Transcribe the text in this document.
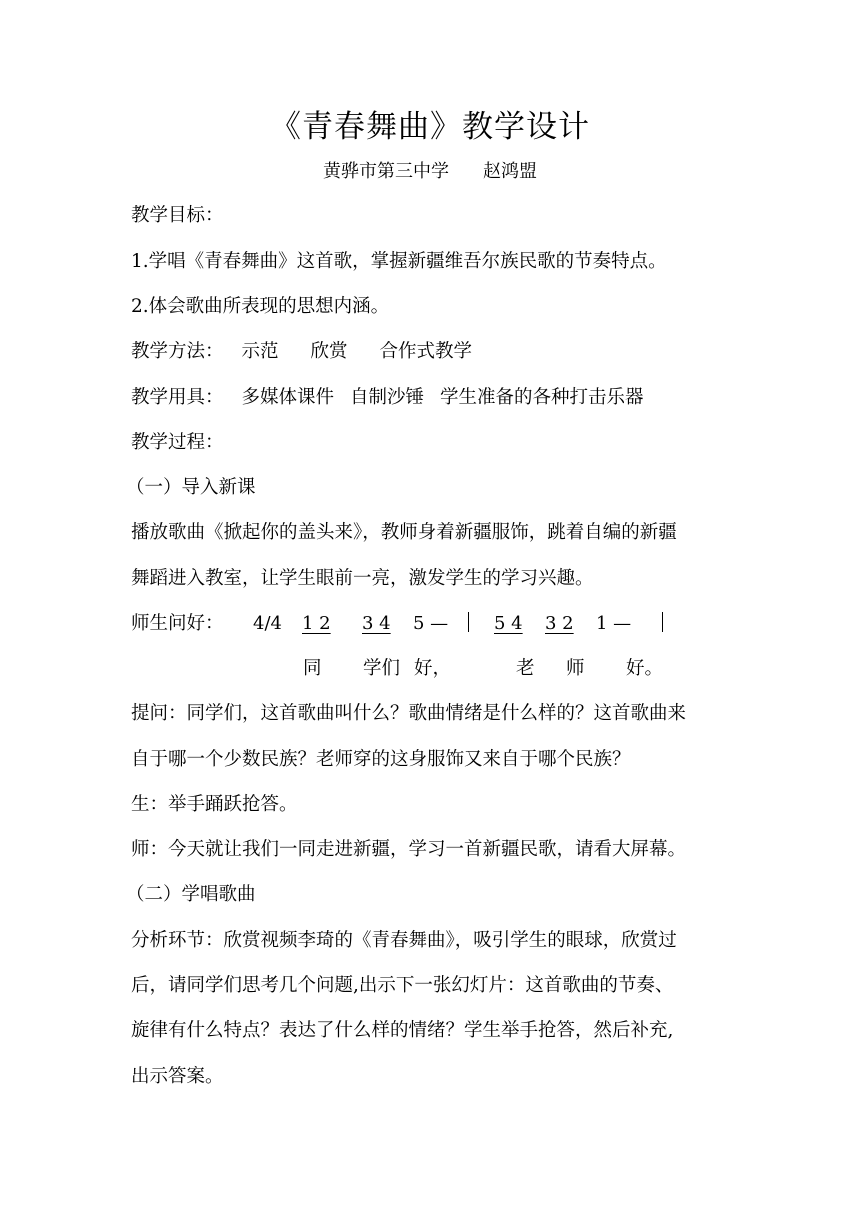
《青春舞曲》教学设计
黄骅市第三中学 赵鸿盟
教学目标：
1.学唱《青春舞曲》这首歌，掌握新疆维吾尔族民歌的节奏特点。
2.体会歌曲所表现的思想内涵。
教学方法： 示范 欣赏 合作式教学
教学用具： 多媒体课件 自制沙锤 学生准备的各种打击乐器
教学过程：
（一）导入新课
播放歌曲《掀起你的盖头来》，教师身着新疆服饰，跳着自编的新疆
舞蹈进入教室，让学生眼前一亮，激发学生的学习兴趣。
师生问好： 4/4 1 2 3 4 5 —	5 4 3 2 1 —
同 学们 好，	老 师 好。
提问：同学们，这首歌曲叫什么？歌曲情绪是什么样的？这首歌曲来
自于哪一个少数民族？老师穿的这身服饰又来自于哪个民族？
生：举手踊跃抢答。
师：今天就让我们一同走进新疆，学习一首新疆民歌，请看大屏幕。
（二）学唱歌曲
分析环节：欣赏视频李琦的《青春舞曲》，吸引学生的眼球，欣赏过
后，请同学们思考几个问题,出示下一张幻灯片：这首歌曲的节奏、
旋律有什么特点？表达了什么样的情绪？学生举手抢答，然后补充,
出示答案。
